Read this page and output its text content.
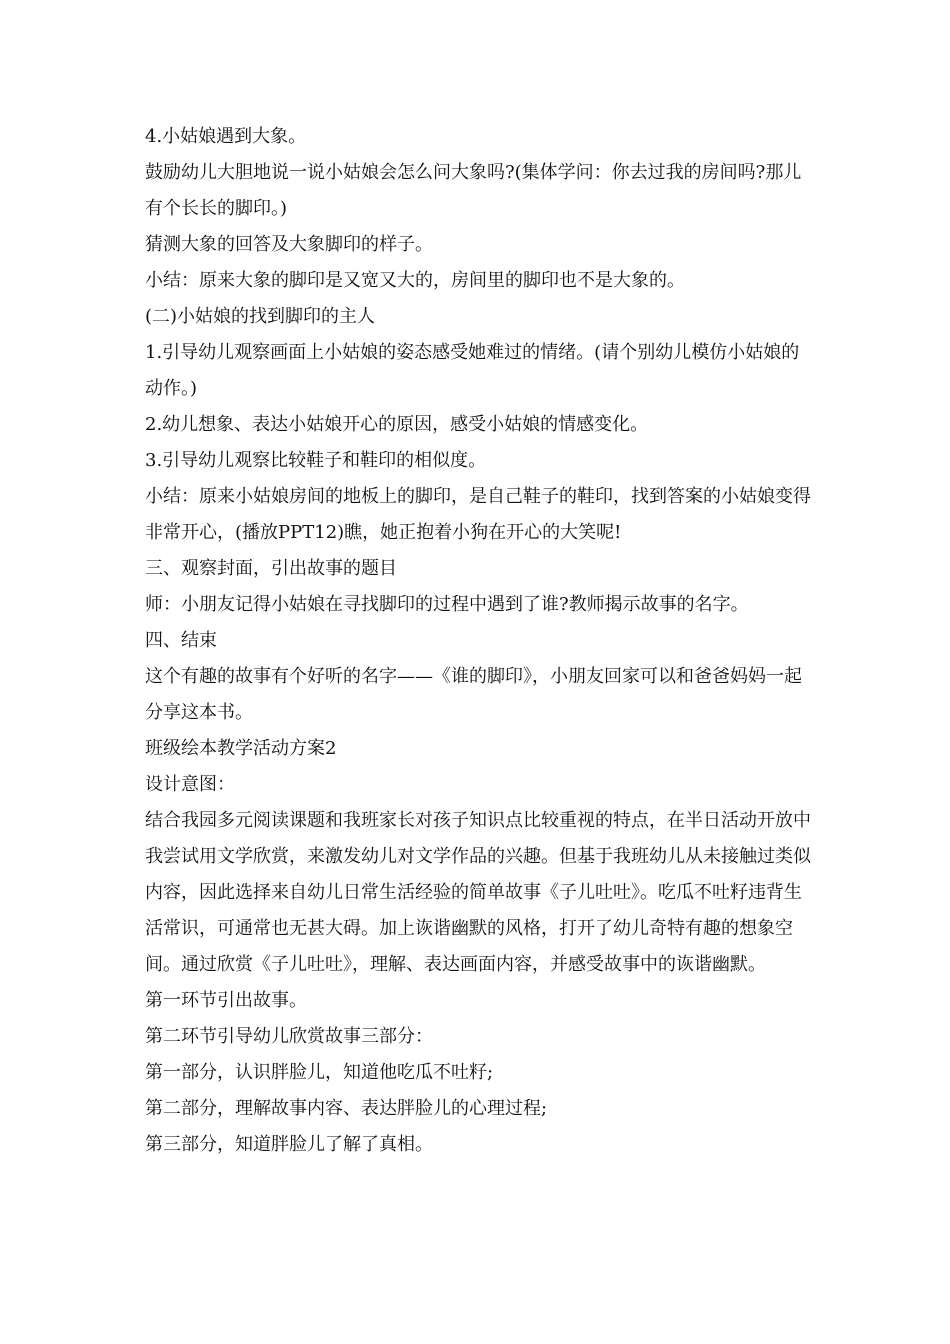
4.小姑娘遇到大象。

鼓励幼儿大胆地说一说小姑娘会怎么问大象吗?(集体学问：你去过我的房间吗?那儿有个长长的脚印。)

猜测大象的回答及大象脚印的样子。

小结：原来大象的脚印是又宽又大的，房间里的脚印也不是大象的。

(二)小姑娘的找到脚印的主人

1.引导幼儿观察画面上小姑娘的姿态感受她难过的情绪。(请个别幼儿模仿小姑娘的动作。)

2.幼儿想象、表达小姑娘开心的原因，感受小姑娘的情感变化。

3.引导幼儿观察比较鞋子和鞋印的相似度。

小结：原来小姑娘房间的地板上的脚印，是自己鞋子的鞋印，找到答案的小姑娘变得非常开心，(播放PPT12)瞧，她正抱着小狗在开心的大笑呢!

三、观察封面，引出故事的题目

师：小朋友记得小姑娘在寻找脚印的过程中遇到了谁?教师揭示故事的名字。

四、结束

这个有趣的故事有个好听的名字——《谁的脚印》，小朋友回家可以和爸爸妈妈一起分享这本书。

班级绘本教学活动方案2

设计意图：

结合我园多元阅读课题和我班家长对孩子知识点比较重视的特点，在半日活动开放中我尝试用文学欣赏，来激发幼儿对文学作品的兴趣。但基于我班幼儿从未接触过类似内容，因此选择来自幼儿日常生活经验的简单故事《子儿吐吐》。吃瓜不吐籽违背生活常识，可通常也无甚大碍。加上诙谐幽默的风格，打开了幼儿奇特有趣的想象空间。通过欣赏《子儿吐吐》，理解、表达画面内容，并感受故事中的诙谐幽默。

第一环节引出故事。

第二环节引导幼儿欣赏故事三部分：

第一部分，认识胖脸儿，知道他吃瓜不吐籽;

第二部分，理解故事内容、表达胖脸儿的心理过程;

第三部分，知道胖脸儿了解了真相。
